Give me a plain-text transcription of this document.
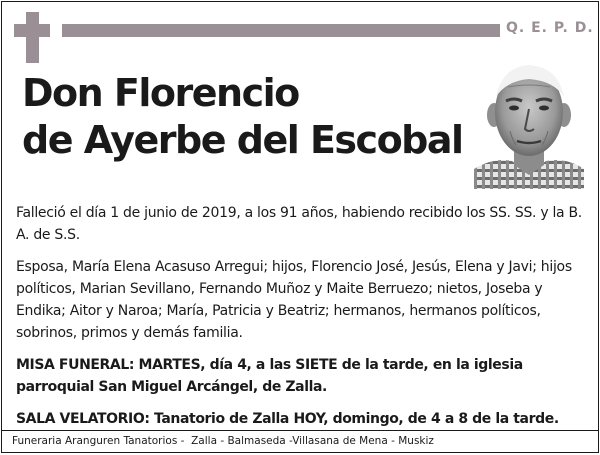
Q. E. P. D.
Don Florencio
de Ayerbe del Escobal

Falleció el día 1 de junio de 2019, a los 91 años, habiendo recibido los SS. SS. y la B. A. de S.S.

Esposa, María Elena Acasuso Arregui; hijos, Florencio José, Jesús, Elena y Javi; hijos políticos, Marian Sevillano, Fernando Muñoz y Maite Berruezo; nietos, Joseba y Endika; Aitor y Naroa; María, Patricia y Beatriz; hermanos, hermanos políticos, sobrinos, primos y demás familia.

MISA FUNERAL: MARTES, día 4, a las SIETE de la tarde, en la iglesia parroquial San Miguel Arcángel, de Zalla.

SALA VELATORIO: Tanatorio de Zalla HOY, domingo, de 4 a 8 de la tarde.

Funeraria Aranguren Tanatorios -  Zalla - Balmaseda -Villasana de Mena - Muskiz
